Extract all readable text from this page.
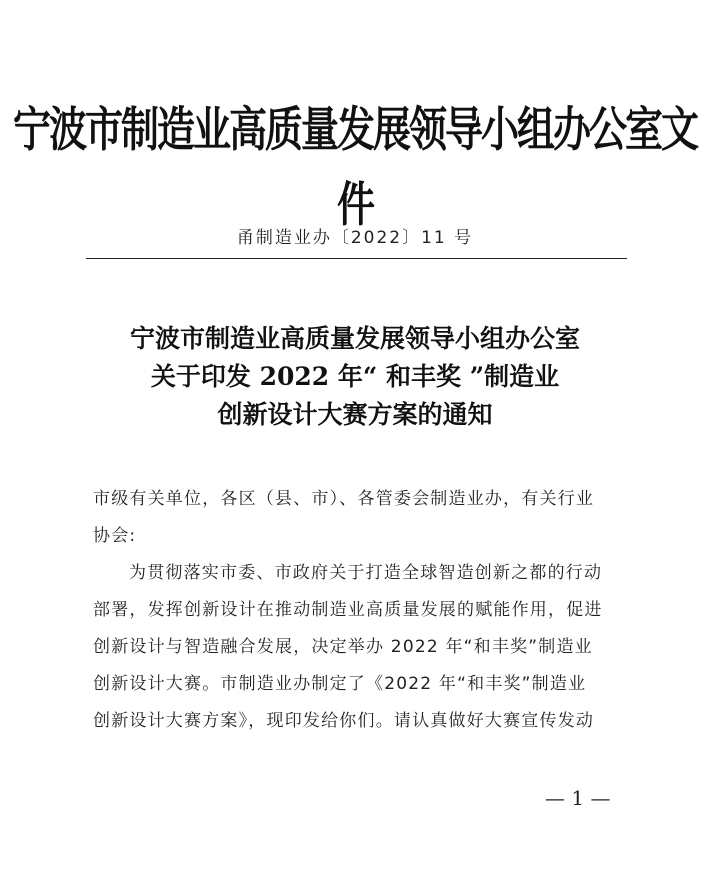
宁波市制造业高质量发展领导小组办公室文件
甬制造业办〔2022〕11 号
宁波市制造业高质量发展领导小组办公室
关于印发 2022 年“ 和丰奖 ”制造业
创新设计大赛方案的通知
市级有关单位，各区（县、市）、各管委会制造业办，有关行业
协会:
为贯彻落实市委、市政府关于打造全球智造创新之都的行动
部署，发挥创新设计在推动制造业高质量发展的赋能作用，促进
创新设计与智造融合发展，决定举办 2022 年“和丰奖”制造业
创新设计大赛。市制造业办制定了《2022 年“和丰奖”制造业
创新设计大赛方案》，现印发给你们。请认真做好大赛宣传发动
— 1 —
